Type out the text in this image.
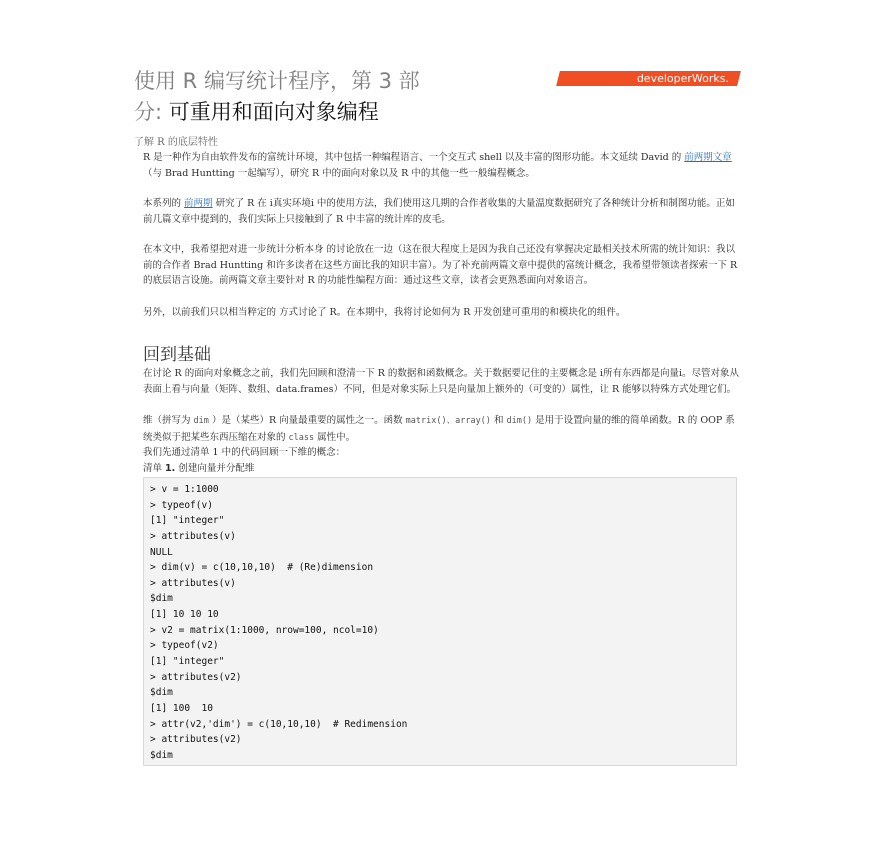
使用 R 编写统计程序，第 3 部
分: 可重用和面向对象编程
developerWorks.
了解 R 的底层特性
R 是一种作为自由软件发布的富统计环境，其中包括一种编程语言、一个交互式 shell 以及丰富的图形功能。本文延续 David 的 前两期文章（与 Brad Huntting 一起编写），研究 R 中的面向对象以及 R 中的其他一些一般编程概念。
本系列的 前两期 研究了 R 在 i真实环境i 中的使用方法，我们使用这几期的合作者收集的大量温度数据研究了各种统计分析和制图功能。正如前几篇文章中提到的，我们实际上只接触到了 R 中丰富的统计库的皮毛。
在本文中，我希望把对进一步统计分析本身 的讨论放在一边（这在很大程度上是因为我自己还没有掌握决定最相关技术所需的统计知识：我以前的合作者 Brad Huntting 和许多读者在这些方面比我的知识丰富）。为了补充前两篇文章中提供的富统计概念，我希望带领读者探索一下 R 的底层语言设施。前两篇文章主要针对 R 的功能性编程方面：通过这些文章，读者会更熟悉面向对象语言。
另外，以前我们只以相当粹定的 方式讨论了 R。在本期中，我将讨论如何为 R 开发创建可重用的和模块化的组件。
回到基础
在讨论 R 的面向对象概念之前，我们先回顾和澄清一下 R 的数据和函数概念。关于数据要记住的主要概念是 i所有东西都是向量i。尽管对象从表面上看与向量（矩阵、数组、data.frames）不同，但是对象实际上只是向量加上额外的（可变的）属性，让 R 能够以特殊方式处理它们。
维（拼写为 dim ）是（某些）R 向量最重要的属性之一。函数 matrix()、array() 和 dim() 是用于设置向量的维的简单函数。R 的 OOP 系统类似于把某些东西压缩在对象的 class 属性中。
我们先通过清单 1 中的代码回顾一下维的概念：
清单 1. 创建向量并分配维
> v = 1:1000
> typeof(v)
[1] "integer"
> attributes(v)
NULL
> dim(v) = c(10,10,10)  # (Re)dimension
> attributes(v)
$dim
[1] 10 10 10
> v2 = matrix(1:1000, nrow=100, ncol=10)
> typeof(v2)
[1] "integer"
> attributes(v2)
$dim
[1] 100  10
> attr(v2,'dim') = c(10,10,10)  # Redimension
> attributes(v2)
$dim
